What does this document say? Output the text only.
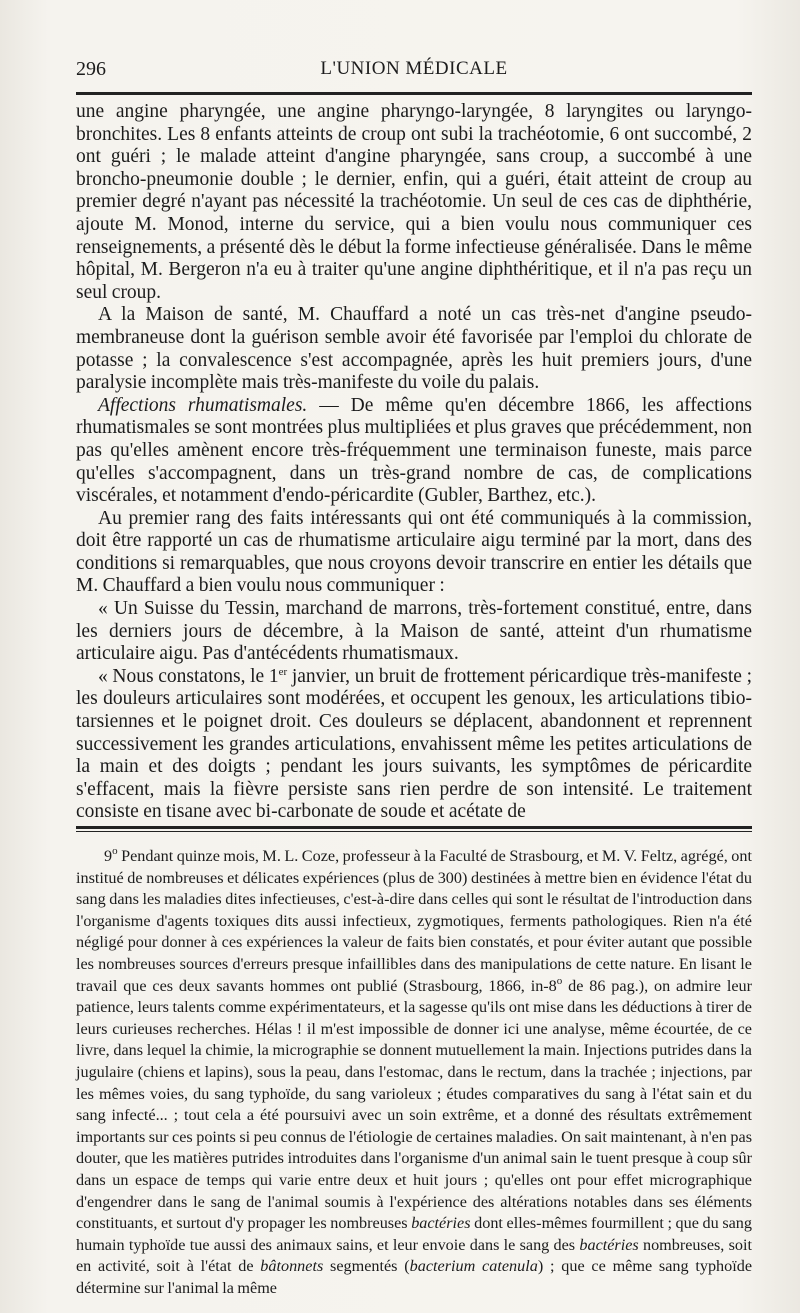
296	L'UNION MÉDICALE

une angine pharyngée, une angine pharyngo-laryngée, 8 laryngites ou laryngo-bronchites. Les 8 enfants atteints de croup ont subi la trachéotomie, 6 ont succombé, 2 ont guéri ; le malade atteint d'angine pharyngée, sans croup, a succombé à une broncho-pneumonie double ; le dernier, enfin, qui a guéri, était atteint de croup au premier degré n'ayant pas nécessité la trachéotomie. Un seul de ces cas de diphthérie, ajoute M. Monod, interne du service, qui a bien voulu nous communiquer ces renseignements, a présenté dès le début la forme infectieuse généralisée. Dans le même hôpital, M. Bergeron n'a eu à traiter qu'une angine diphthéritique, et il n'a pas reçu un seul croup.

A la Maison de santé, M. Chauffard a noté un cas très-net d'angine pseudo-membraneuse dont la guérison semble avoir été favorisée par l'emploi du chlorate de potasse ; la convalescence s'est accompagnée, après les huit premiers jours, d'une paralysie incomplète mais très-manifeste du voile du palais.

Affections rhumatismales. — De même qu'en décembre 1866, les affections rhumatismales se sont montrées plus multipliées et plus graves que précédemment, non pas qu'elles amènent encore très-fréquemment une terminaison funeste, mais parce qu'elles s'accompagnent, dans un très-grand nombre de cas, de complications viscérales, et notamment d'endo-péricardite (Gubler, Barthez, etc.).

Au premier rang des faits intéressants qui ont été communiqués à la commission, doit être rapporté un cas de rhumatisme articulaire aigu terminé par la mort, dans des conditions si remarquables, que nous croyons devoir transcrire en entier les détails que M. Chauffard a bien voulu nous communiquer :

« Un Suisse du Tessin, marchand de marrons, très-fortement constitué, entre, dans les derniers jours de décembre, à la Maison de santé, atteint d'un rhumatisme articulaire aigu. Pas d'antécédents rhumatismaux.

« Nous constatons, le 1er janvier, un bruit de frottement péricardique très-manifeste ; les douleurs articulaires sont modérées, et occupent les genoux, les articulations tibio-tarsiennes et le poignet droit. Ces douleurs se déplacent, abandonnent et reprennent successivement les grandes articulations, envahissent même les petites articulations de la main et des doigts ; pendant les jours suivants, les symptômes de péricardite s'effacent, mais la fièvre persiste sans rien perdre de son intensité. Le traitement consiste en tisane avec bi-carbonate de soude et acétate de

9$^o$ Pendant quinze mois, M. L. Coze, professeur à la Faculté de Strasbourg, et M. V. Feltz, agrégé, ont institué de nombreuses et délicates expériences (plus de 300) destinées à mettre bien en évidence l'état du sang dans les maladies dites infectieuses, c'est-à-dire dans celles qui sont le résultat de l'introduction dans l'organisme d'agents toxiques dits aussi infectieux, zygmotiques, ferments pathologiques. Rien n'a été négligé pour donner à ces expériences la valeur de faits bien constatés, et pour éviter autant que possible les nombreuses sources d'erreurs presque infaillibles dans des manipulations de cette nature. En lisant le travail que ces deux savants hommes ont publié (Strasbourg, 1866, in-8$^o$ de 86 pag.), on admire leur patience, leurs talents comme expérimentateurs, et la sagesse qu'ils ont mise dans les déductions à tirer de leurs curieuses recherches. Hélas ! il m'est impossible de donner ici une analyse, même écourtée, de ce livre, dans lequel la chimie, la micrographie se donnent mutuellement la main. Injections putrides dans la jugulaire (chiens et lapins), sous la peau, dans l'estomac, dans le rectum, dans la trachée ; injections, par les mêmes voies, du sang typhoïde, du sang varioleux ; études comparatives du sang à l'état sain et du sang infecté... ; tout cela a été poursuivi avec un soin extrême, et a donné des résultats extrêmement importants sur ces points si peu connus de l'étiologie de certaines maladies. On sait maintenant, à n'en pas douter, que les matières putrides introduites dans l'organisme d'un animal sain le tuent presque à coup sûr dans un espace de temps qui varie entre deux et huit jours ; qu'elles ont pour effet micrographique d'engendrer dans le sang de l'animal soumis à l'expérience des altérations notables dans ses éléments constituants, et surtout d'y propager les nombreuses bactéries dont elles-mêmes fourmillent ; que du sang humain typhoïde tue aussi des animaux sains, et leur envoie dans le sang des bactéries nombreuses, soit en activité, soit à l'état de bâtonnets segmentés (bacterium catenula) ; que ce même sang typhoïde détermine sur l'animal la même
